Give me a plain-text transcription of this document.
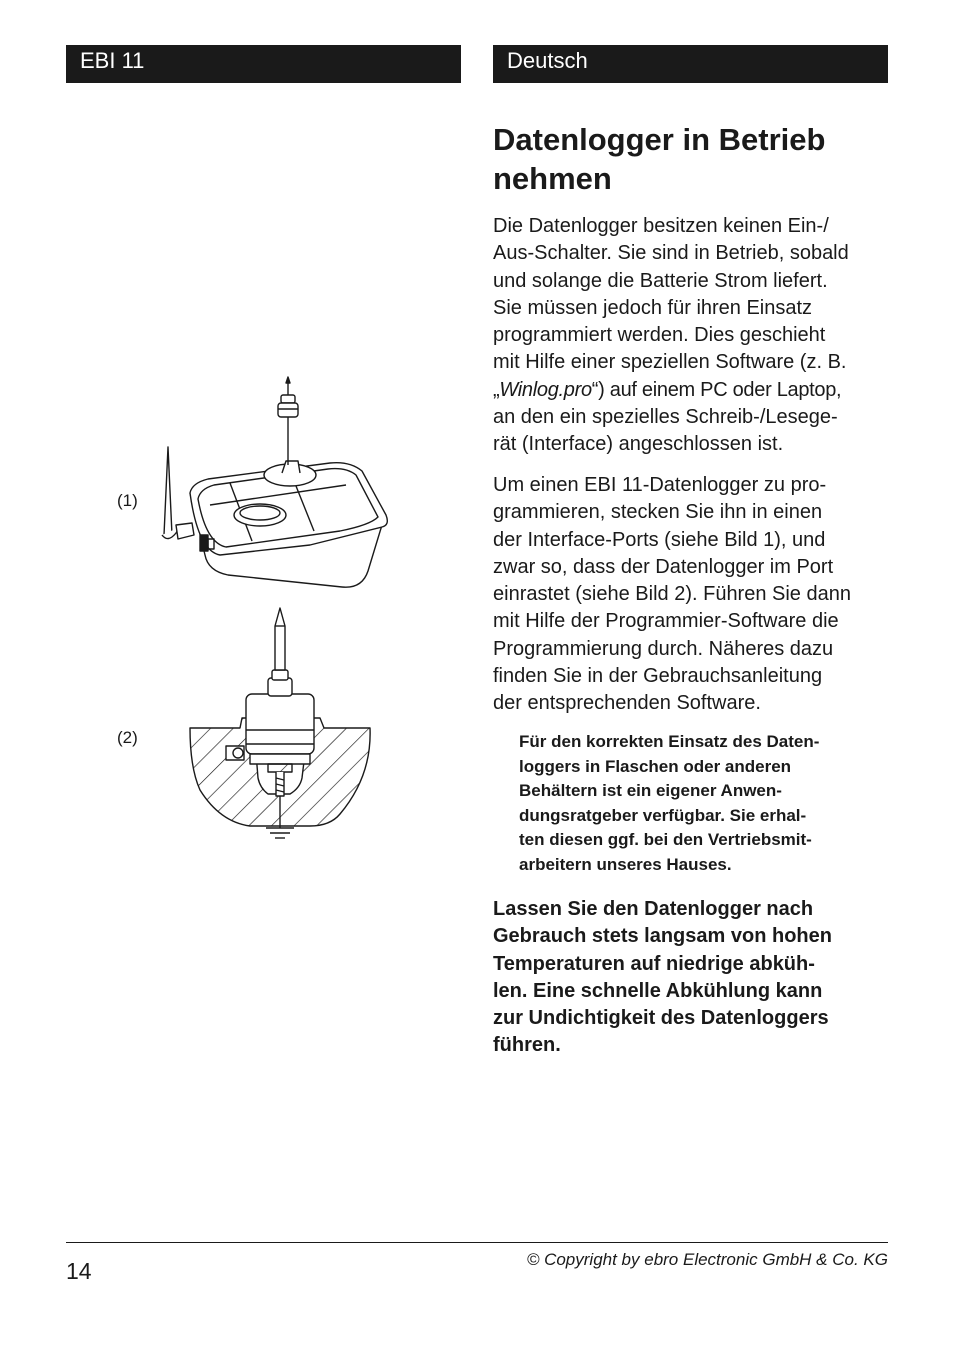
EBI 11	Deutsch
Datenlogger in Betrieb
nehmen
Die Datenlogger besitzen keinen Ein-/
Aus-Schalter. Sie sind in Betrieb, sobald
und solange die Batterie Strom liefert.
Sie müssen jedoch für ihren Einsatz
programmiert werden. Dies geschieht
mit Hilfe einer speziellen Software (z. B.
„Winlog.pro“) auf einem PC oder Laptop,
an den ein spezielles Schreib-/Lesege-
rät (Interface) angeschlossen ist.
Um einen EBI 11-Datenlogger zu pro-
grammieren, stecken Sie ihn in einen
der Interface-Ports (siehe Bild 1), und
zwar so, dass der Datenlogger im Port
einrastet (siehe Bild 2). Führen Sie dann
mit Hilfe der Programmier-Software die
Programmierung durch. Näheres dazu
finden Sie in der Gebrauchsanleitung
der entsprechenden Software.
Für den korrekten Einsatz des Daten-
loggers in Flaschen oder anderen
Behältern ist ein eigener Anwen-
dungsratgeber verfügbar. Sie erhal-
ten diesen ggf. bei den Vertriebsmit-
arbeitern unseres Hauses.
Lassen Sie den Datenlogger nach
Gebrauch stets langsam von hohen
Temperaturen auf niedrige abküh-
len. Eine schnelle Abkühlung kann
zur Undichtigkeit des Datenloggers
führen.
(1)
(2)
14	© Copyright by ebro Electronic GmbH & Co. KG
